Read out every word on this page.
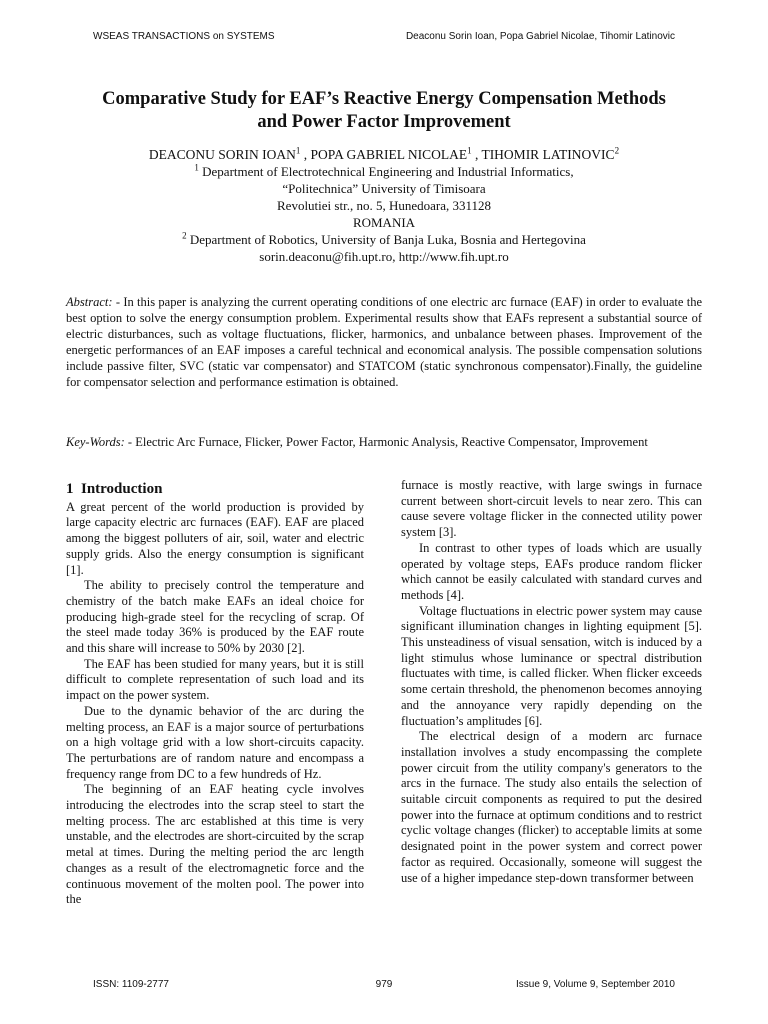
WSEAS TRANSACTIONS on SYSTEMS	Deaconu Sorin Ioan, Popa Gabriel Nicolae, Tihomir Latinovic
Comparative Study for EAF’s Reactive Energy Compensation Methods
and Power Factor Improvement
DEACONU SORIN IOAN$^1$ , POPA GABRIEL NICOLAE$^1$ , TIHOMIR LATINOVIC$^2$
$^1$ Department of Electrotechnical Engineering and Industrial Informatics,
“Politechnica” University of Timisoara
Revolutiei str., no. 5, Hunedoara, 331128
ROMANIA
$^2$ Department of Robotics, University of Banja Luka, Bosnia and Hertegovina
sorin.deaconu@fih.upt.ro, http://www.fih.upt.ro
Abstract: - In this paper is analyzing the current operating conditions of one electric arc furnace (EAF) in order to evaluate the best option to solve the energy consumption problem. Experimental results show that EAFs represent a substantial source of electric disturbances, such as voltage fluctuations, flicker, harmonics, and unbalance between phases. Improvement of the energetic performances of an EAF imposes a careful technical and economical analysis. The possible compensation solutions include passive filter, SVC (static var compensator) and STATCOM (static synchronous compensator).Finally, the guideline for compensator selection and performance estimation is obtained.
Key-Words: - Electric Arc Furnace, Flicker, Power Factor, Harmonic Analysis, Reactive Compensator, Improvement
1 Introduction

A great percent of the world production is provided by large capacity electric arc furnaces (EAF). EAF are placed among the biggest polluters of air, soil, water and electric supply grids. Also the energy consumption is significant [1].

The ability to precisely control the temperature and chemistry of the batch make EAFs an ideal choice for producing high-grade steel for the recycling of scrap. Of the steel made today 36% is produced by the EAF route and this share will increase to 50% by 2030 [2].

The EAF has been studied for many years, but it is still difficult to complete representation of such load and its impact on the power system.

Due to the dynamic behavior of the arc during the melting process, an EAF is a major source of perturbations on a high voltage grid with a low short-circuits capacity. The perturbations are of random nature and encompass a frequency range from DC to a few hundreds of Hz.

The beginning of an EAF heating cycle involves introducing the electrodes into the scrap steel to start the melting process. The arc established at this time is very unstable, and the electrodes are short-circuited by the scrap metal at times. During the melting period the arc length changes as a result of the electromagnetic force and the continuous movement of the molten pool. The power into the

furnace is mostly reactive, with large swings in furnace current between short-circuit levels to near zero. This can cause severe voltage flicker in the connected utility power system [3].

In contrast to other types of loads which are usually operated by voltage steps, EAFs produce random flicker which cannot be easily calculated with standard curves and methods [4].

Voltage fluctuations in electric power system may cause significant illumination changes in lighting equipment [5]. This unsteadiness of visual sensation, witch is induced by a light stimulus whose luminance or spectral distribution fluctuates with time, is called flicker. When flicker exceeds some certain threshold, the phenomenon becomes annoying and the annoyance very rapidly depending on the fluctuation’s amplitudes [6].

The electrical design of a modern arc furnace installation involves a study encompassing the complete power circuit from the utility company's generators to the arcs in the furnace. The study also entails the selection of suitable circuit components as required to put the desired power into the furnace at optimum conditions and to restrict cyclic voltage changes (flicker) to acceptable limits at some designated point in the power system and correct power factor as required. Occasionally, someone will suggest the use of a higher impedance step-down transformer between

ISSN: 1109-2777	979	Issue 9, Volume 9, September 2010
